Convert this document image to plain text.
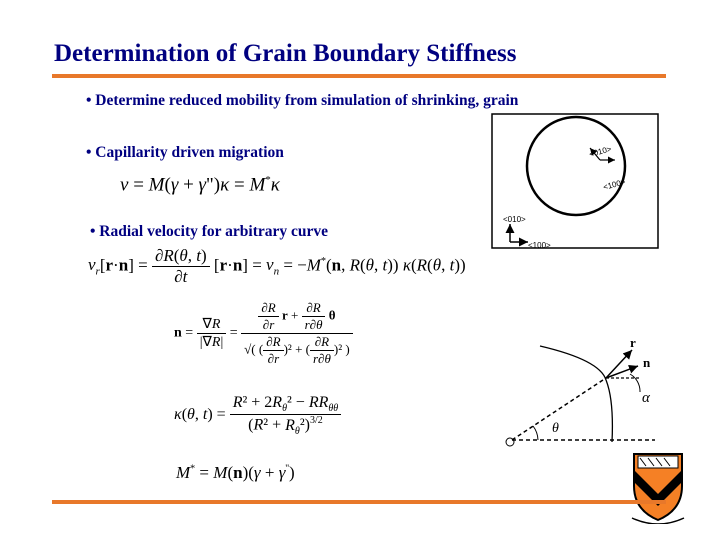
Determination of Grain Boundary Stiffness
• Determine reduced mobility from simulation of shrinking, grain
• Capillarity driven migration
• Radial velocity for arbitrary curve
v = M(γ + γ")κ = M*κ
$v_r[r\cdot n] = \frac{\partial R(\theta, t)}{\partial t} [r\cdot n] = v_n = -M^*(n$, R(θ, t)) κ(R(θ, t))
$n = \frac{\nabla R}{|\nabla R|} = \frac{\frac{\partial R}{\partial r} r + \frac{\partial R}{r\partial\theta} \theta}{√( ( \frac{\partial R}{\partial r} )^2 + ( \frac{\partial R}{r\partial\theta} )^2 )}$
κ(θ, $t) = \frac{R^2 + 2R_\theta^2 - RR_{\theta\theta}}{(R^2 + R_\theta^2)^{3/2}}$
M* = M(n)(γ + γ'')
<010>
<100>
<010>
<100>
r
n
α
θ
